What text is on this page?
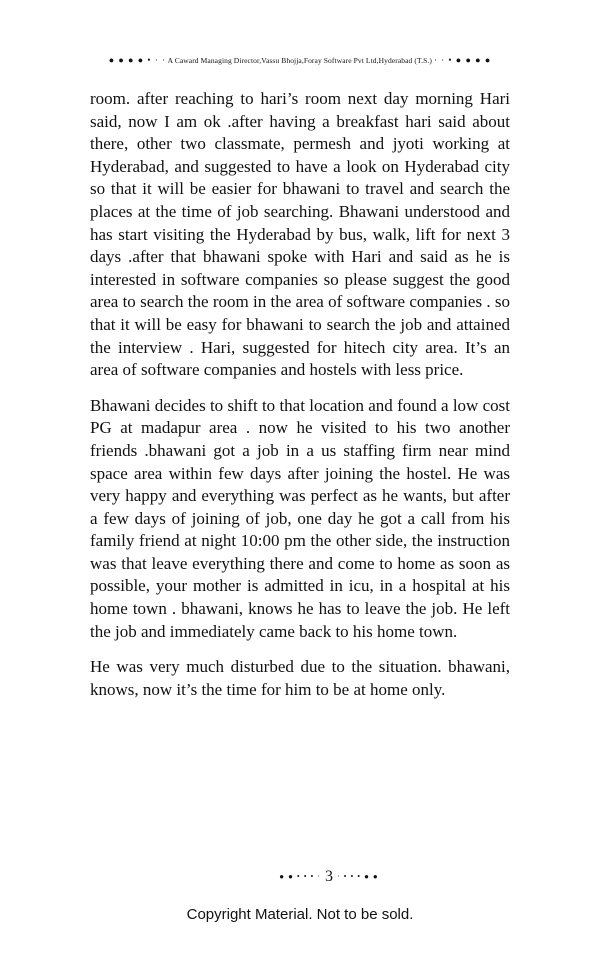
● ● ● ● • · · A Caward Managing Director,Vassu Bhojja,Foray Software Pvt Ltd,Hyderabad (T.S.) · · • ● ● ● ●

room. after reaching to hari’s room next day morning Hari said, now I am ok .after having a breakfast hari said about there, other two classmate, permesh and jyoti working at Hyderabad, and suggested to have a look on Hyderabad city so that it will be easier for bhawani to travel and search the places at the time of job searching. Bhawani understood and has start visiting the Hyderabad by bus, walk, lift for next 3 days .after that bhawani spoke with Hari and said as he is interested in software companies so please suggest the good area to search the room in the area of software companies . so that it will be easy for bhawani to search the job and attained the interview . Hari, suggested for hitech city area. It’s an area of software companies and hostels with less price.

Bhawani decides to shift to that location and found a low cost PG at madapur area . now he visited to his two another friends .bhawani got a job in a us staffing firm near mind space area within few days after joining the hostel. He was very happy and everything was perfect as he wants, but after a few days of joining of job, one day he got a call from his family friend at night 10:00 pm the other side, the instruction was that leave everything there and come to home as soon as possible, your mother is admitted in icu, in a hospital at his home town . bhawani, knows he has to leave the job. He left the job and immediately came back to his home town.

He was very much disturbed due to the situation. bhawani, knows, now it’s the time for him to be at home only.

● ● • • • · 3 · • • • ● ●
Copyright Material. Not to be sold.
